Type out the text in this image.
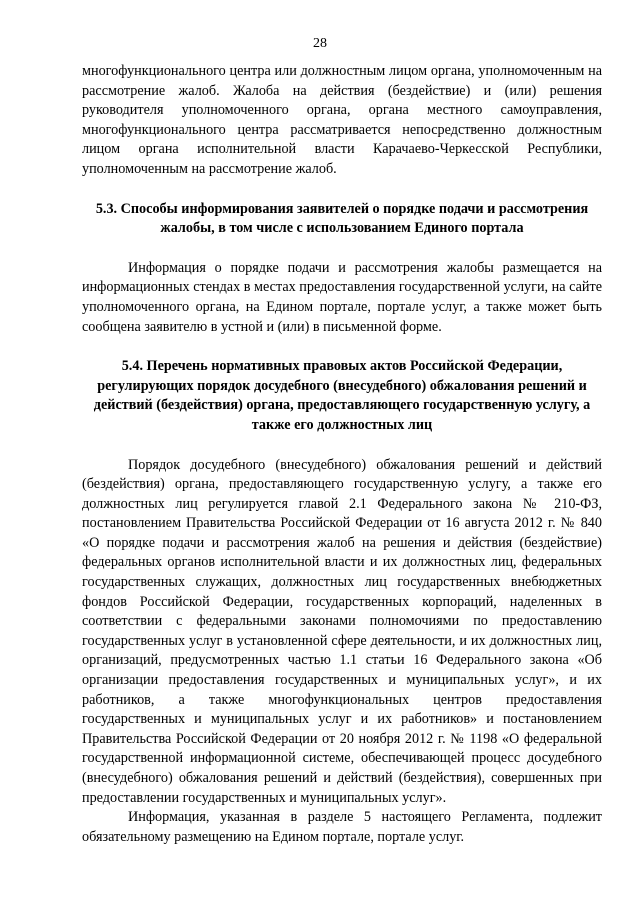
28

многофункционального центра или должностным лицом органа, уполномоченным на рассмотрение жалоб. Жалоба на действия (бездействие) и (или) решения руководителя уполномоченного органа, органа местного самоуправления, многофункционального центра рассматривается непосредственно должностным лицом органа исполнительной власти Карачаево-Черкесской Республики, уполномоченным на рассмотрение жалоб.

5.3. Способы информирования заявителей о порядке подачи и рассмотрения жалобы, в том числе с использованием Единого портала

Информация о порядке подачи и рассмотрения жалобы размещается на информационных стендах в местах предоставления государственной услуги, на сайте уполномоченного органа, на Едином портале, портале услуг, а также может быть сообщена заявителю в устной и (или) в письменной форме.

5.4. Перечень нормативных правовых актов Российской Федерации, регулирующих порядок досудебного (внесудебного) обжалования решений и действий (бездействия) органа, предоставляющего государственную услугу, а также его должностных лиц

Порядок досудебного (внесудебного) обжалования решений и действий (бездействия) органа, предоставляющего государственную услугу, а также его должностных лиц регулируется главой 2.1 Федерального закона № 210-ФЗ, постановлением Правительства Российской Федерации от 16 августа 2012 г. № 840 «О порядке подачи и рассмотрения жалоб на решения и действия (бездействие) федеральных органов исполнительной власти и их должностных лиц, федеральных государственных служащих, должностных лиц государственных внебюджетных фондов Российской Федерации, государственных корпораций, наделенных в соответствии с федеральными законами полномочиями по предоставлению государственных услуг в установленной сфере деятельности, и их должностных лиц, организаций, предусмотренных частью 1.1 статьи 16 Федерального закона «Об организации предоставления государственных и муниципальных услуг», и их работников, а также многофункциональных центров предоставления государственных и муниципальных услуг и их работников» и постановлением Правительства Российской Федерации от 20 ноября 2012 г. № 1198 «О федеральной государственной информационной системе, обеспечивающей процесс досудебного (внесудебного) обжалования решений и действий (бездействия), совершенных при предоставлении государственных и муниципальных услуг».

Информация, указанная в разделе 5 настоящего Регламента, подлежит обязательному размещению на Едином портале, портале услуг.
